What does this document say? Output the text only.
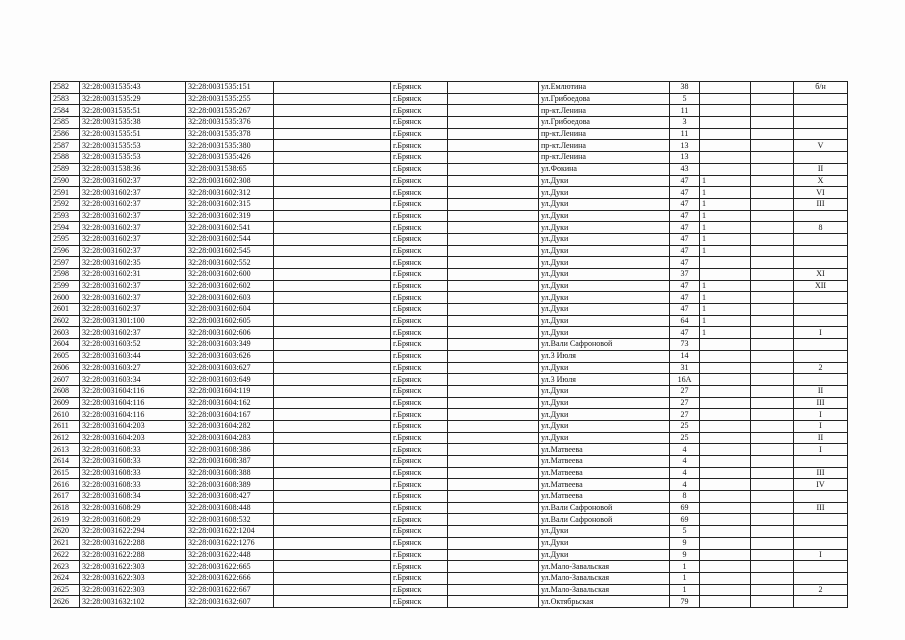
2582	32:28:0031535:43	32:28:0031535:151		г.Брянск		ул.Емлютина	38			б/н
2583	32:28:0031535:29	32:28:0031535:255		г.Брянск		ул.Грибоедова	5			
2584	32:28:0031535:51	32:28:0031535:267		г.Брянск		пр-кт.Ленина	11			
2585	32:28:0031535:38	32:28:0031535:376		г.Брянск		ул.Грибоедова	3			
2586	32:28:0031535:51	32:28:0031535:378		г.Брянск		пр-кт.Ленина	11			
2587	32:28:0031535:53	32:28:0031535:380		г.Брянск		пр-кт.Ленина	13			V
2588	32:28:0031535:53	32:28:0031535:426		г.Брянск		пр-кт.Ленина	13			
2589	32:28:0031538:36	32:28:0031538:65		г.Брянск		ул.Фокина	43			II
2590	32:28:0031602:37	32:28:0031602:308		г.Брянск		ул.Дуки	47	1		X
2591	32:28:0031602:37	32:28:0031602:312		г.Брянск		ул.Дуки	47	1		VI
2592	32:28:0031602:37	32:28:0031602:315		г.Брянск		ул.Дуки	47	1		III
2593	32:28:0031602:37	32:28:0031602:319		г.Брянск		ул.Дуки	47	1		
2594	32:28:0031602:37	32:28:0031602:541		г.Брянск		ул.Дуки	47	1		8
2595	32:28:0031602:37	32:28:0031602:544		г.Брянск		ул.Дуки	47	1		
2596	32:28:0031602:37	32:28:0031602:545		г.Брянск		ул.Дуки	47	1		
2597	32:28:0031602:35	32:28:0031602:552		г.Брянск		ул.Дуки	47			
2598	32:28:0031602:31	32:28:0031602:600		г.Брянск		ул.Дуки	37			XI
2599	32:28:0031602:37	32:28:0031602:602		г.Брянск		ул.Дуки	47	1		XII
2600	32:28:0031602:37	32:28:0031602:603		г.Брянск		ул.Дуки	47	1		
2601	32:28:0031602:37	32:28:0031602:604		г.Брянск		ул.Дуки	47	1		
2602	32:28:0031301:100	32:28:0031602:605		г.Брянск		ул.Дуки	64	1		
2603	32:28:0031602:37	32:28:0031602:606		г.Брянск		ул.Дуки	47	1		I
2604	32:28:0031603:52	32:28:0031603:349		г.Брянск		ул.Вали Сафроновой	73			
2605	32:28:0031603:44	32:28:0031603:626		г.Брянск		ул.3 Июля	14			
2606	32:28:0031603:27	32:28:0031603:627		г.Брянск		ул.Дуки	31			2
2607	32:28:0031603:34	32:28:0031603:649		г.Брянск		ул.3 Июля	16А			
2608	32:28:0031604:116	32:28:0031604:119		г.Брянск		ул.Дуки	27			II
2609	32:28:0031604:116	32:28:0031604:162		г.Брянск		ул.Дуки	27			III
2610	32:28:0031604:116	32:28:0031604:167		г.Брянск		ул.Дуки	27			I
2611	32:28:0031604:203	32:28:0031604:282		г.Брянск		ул.Дуки	25			I
2612	32:28:0031604:203	32:28:0031604:283		г.Брянск		ул.Дуки	25			II
2613	32:28:0031608:33	32:28:0031608:386		г.Брянск		ул.Матвеева	4			I
2614	32:28:0031608:33	32:28:0031608:387		г.Брянск		ул.Матвеева	4			
2615	32:28:0031608:33	32:28:0031608:388		г.Брянск		ул.Матвеева	4			III
2616	32:28:0031608:33	32:28:0031608:389		г.Брянск		ул.Матвеева	4			IV
2617	32:28:0031608:34	32:28:0031608:427		г.Брянск		ул.Матвеева	8			
2618	32:28:0031608:29	32:28:0031608:448		г.Брянск		ул.Вали Сафроновой	69			III
2619	32:28:0031608:29	32:28:0031608:532		г.Брянск		ул.Вали Сафроновой	69			
2620	32:28:0031622:294	32:28:0031622:1204		г.Брянск		ул.Дуки	5			
2621	32:28:0031622:288	32:28:0031622:1276		г.Брянск		ул.Дуки	9			
2622	32:28:0031622:288	32:28:0031622:448		г.Брянск		ул.Дуки	9			I
2623	32:28:0031622:303	32:28:0031622:665		г.Брянск		ул.Мало-Завальская	1			
2624	32:28:0031622:303	32:28:0031622:666		г.Брянск		ул.Мало-Завальская	1			
2625	32:28:0031622:303	32:28:0031622:667		г.Брянск		ул.Мало-Завальская	1			2
2626	32:28:0031632:102	32:28:0031632:607		г.Брянск		ул.Октябрьская	79			
